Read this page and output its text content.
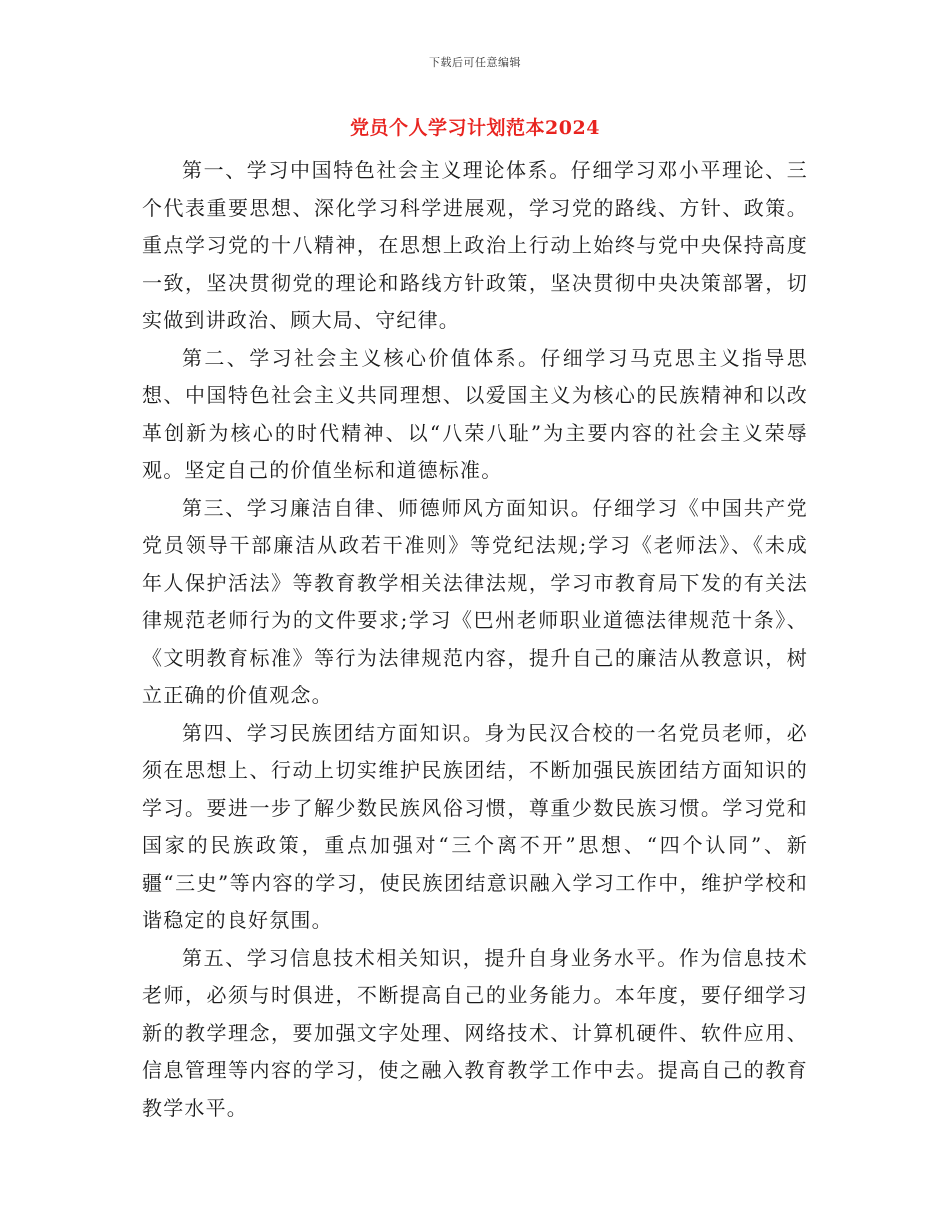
下载后可任意编辑
党员个人学习计划范本2024

第一、学习中国特色社会主义理论体系。仔细学习邓小平理论、三个代表重要思想、深化学习科学进展观，学习党的路线、方针、政策。重点学习党的十八精神，在思想上政治上行动上始终与党中央保持高度一致，坚决贯彻党的理论和路线方针政策，坚决贯彻中央决策部署，切实做到讲政治、顾大局、守纪律。

第二、学习社会主义核心价值体系。仔细学习马克思主义指导思想、中国特色社会主义共同理想、以爱国主义为核心的民族精神和以改革创新为核心的时代精神、以“八荣八耻”为主要内容的社会主义荣辱观。坚定自己的价值坐标和道德标准。

第三、学习廉洁自律、师德师风方面知识。仔细学习《中国共产党党员领导干部廉洁从政若干准则》等党纪法规;学习《老师法》、《未成年人保护活法》等教育教学相关法律法规，学习市教育局下发的有关法律规范老师行为的文件要求;学习《巴州老师职业道德法律规范十条》、《文明教育标准》等行为法律规范内容，提升自己的廉洁从教意识，树立正确的价值观念。

第四、学习民族团结方面知识。身为民汉合校的一名党员老师，必须在思想上、行动上切实维护民族团结，不断加强民族团结方面知识的学习。要进一步了解少数民族风俗习惯，尊重少数民族习惯。学习党和国家的民族政策，重点加强对“三个离不开”思想、“四个认同”、新疆“三史”等内容的学习，使民族团结意识融入学习工作中，维护学校和谐稳定的良好氛围。

第五、学习信息技术相关知识，提升自身业务水平。作为信息技术老师，必须与时俱进，不断提高自己的业务能力。本年度，要仔细学习新的教学理念，要加强文字处理、网络技术、计算机硬件、软件应用、信息管理等内容的学习，使之融入教育教学工作中去。提高自己的教育教学水平。
